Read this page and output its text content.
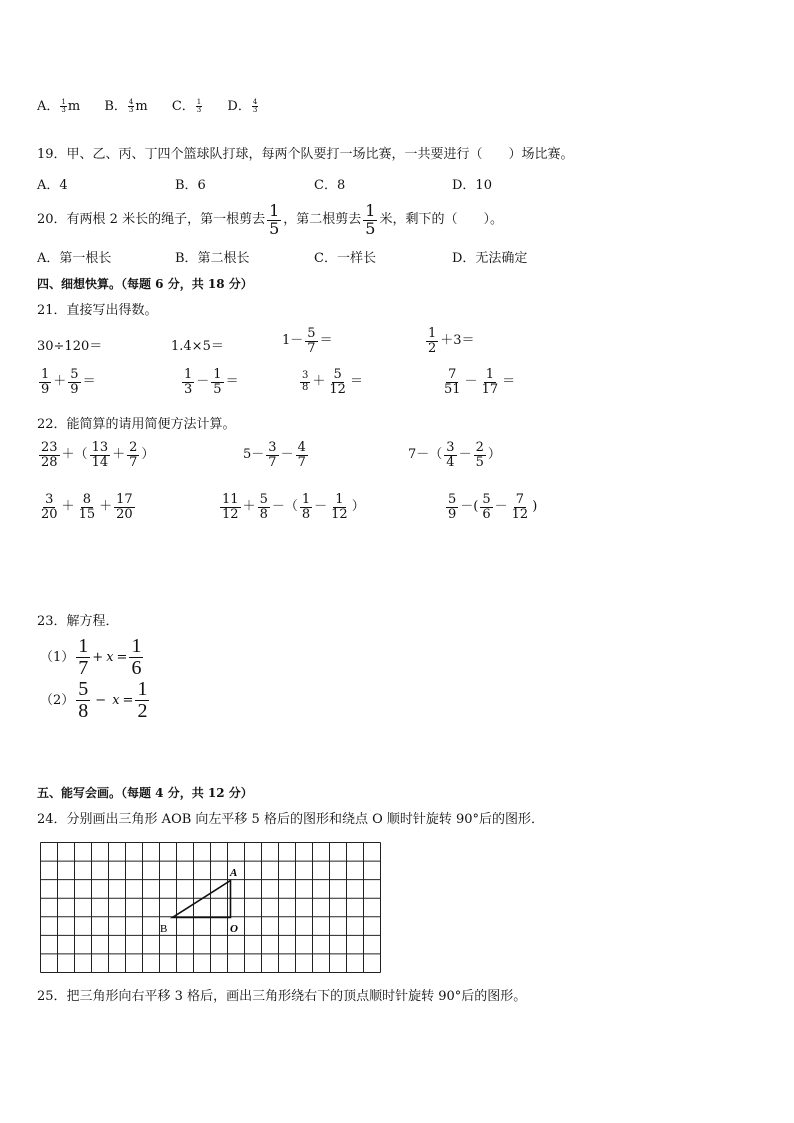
A． $\frac{1}{3}$ m B． $\frac{4}{3}$ m C． $\frac{1}{3}$ D． $\frac{4}{3}$
19．甲、乙、丙、丁四个篮球队打球，每两个队要打一场比赛，一共要进行（　　）场比赛。
A．4	B．6	C．8	D．10
20．有两根 2 米长的绳子，第一根剪去 $\frac{1}{5}$ ，第二根剪去 $\frac{1}{5}$ 米，剩下的（　　）。
A．第一根长	B．第二根长	C．一样长	D．无法确定
四、细想快算。（每题 6 分，共 18 分）
21．直接写出得数。
30÷120＝	1.4×5＝	$1- \frac{5}{7}$ ＝	$\frac{1}{2} +3=$
$\frac{1}{9} + \frac{5}{9}$ ＝	$\frac{1}{3} - \frac{1}{5}$ ＝	$\frac{3}{8} + \frac{5}{12}$ ＝	$\frac{7}{51} - \frac{1}{17}$ ＝
22．能简算的请用简便方法计算。
$\frac{23}{28}$ ＋（ $\frac{13}{14} + \frac{2}{7}$ ）	$5- \frac{3}{7} - \frac{4}{7}$	$7-( \frac{3}{4} - \frac{2}{5}$ ）
$\frac{3}{20} + \frac{8}{15} + \frac{17}{20}$	$\frac{11}{12} + \frac{5}{8}$ －（ $\frac{1}{8} - \frac{1}{12}$ ）	$\frac{5}{9}$ －( $\frac{5}{6} - \frac{7}{12}$ )
23．解方程．
$(1) \frac{1}{7} + x = \frac{1}{6}$
$(2) \frac{5}{8} - x = \frac{1}{2}$
五、能写会画。（每题 4 分，共 12 分）
24．分别画出三角形 AOB 向左平移 5 格后的图形和绕点 O 顺时针旋转 90°后的图形．
A
B	O
25．把三角形向右平移 3 格后，画出三角形绕右下的顶点顺时针旋转 90°后的图形。
